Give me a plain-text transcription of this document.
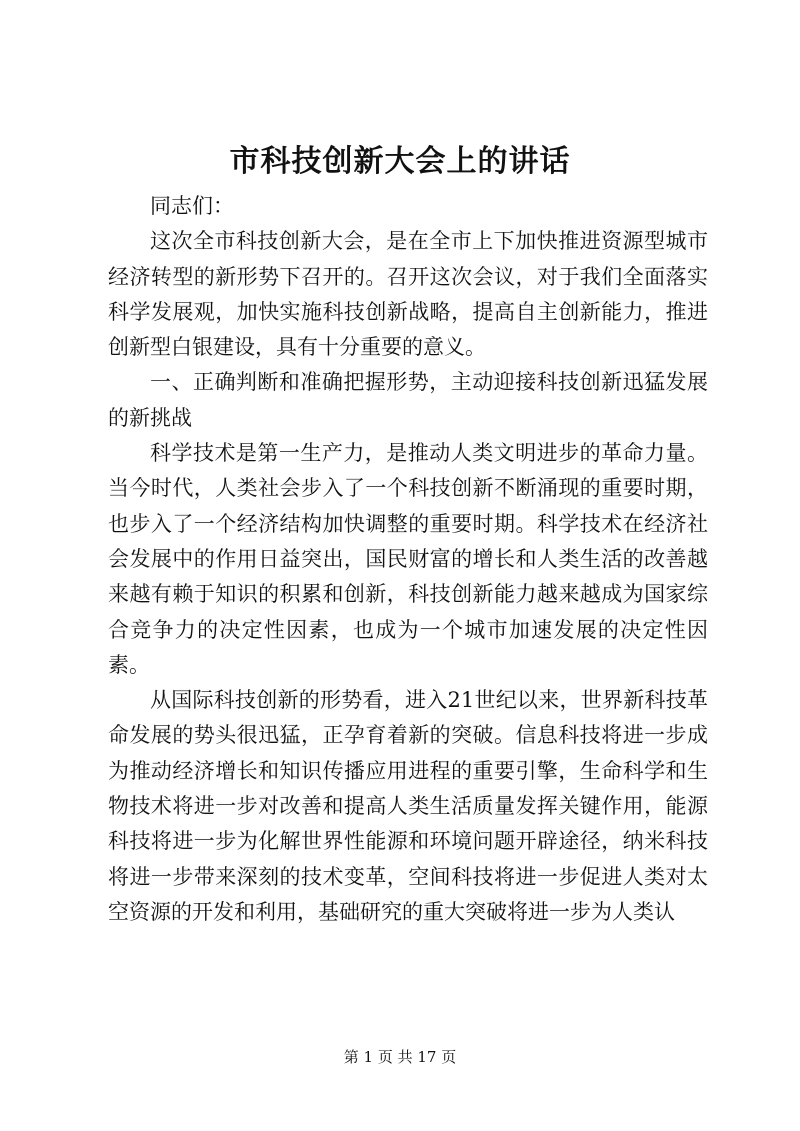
市科技创新大会上的讲话

同志们：

这次全市科技创新大会，是在全市上下加快推进资源型城市经济转型的新形势下召开的。召开这次会议，对于我们全面落实科学发展观，加快实施科技创新战略，提高自主创新能力，推进创新型白银建设，具有十分重要的意义。

一、正确判断和准确把握形势，主动迎接科技创新迅猛发展的新挑战

科学技术是第一生产力，是推动人类文明进步的革命力量。当今时代，人类社会步入了一个科技创新不断涌现的重要时期，也步入了一个经济结构加快调整的重要时期。科学技术在经济社会发展中的作用日益突出，国民财富的增长和人类生活的改善越来越有赖于知识的积累和创新，科技创新能力越来越成为国家综合竞争力的决定性因素，也成为一个城市加速发展的决定性因素。

从国际科技创新的形势看，进入21世纪以来，世界新科技革命发展的势头很迅猛，正孕育着新的突破。信息科技将进一步成为推动经济增长和知识传播应用进程的重要引擎，生命科学和生物技术将进一步对改善和提高人类生活质量发挥关键作用，能源科技将进一步为化解世界性能源和环境问题开辟途径，纳米科技将进一步带来深刻的技术变革，空间科技将进一步促进人类对太空资源的开发和利用，基础研究的重大突破将进一步为人类认

第 1 页 共 17 页
